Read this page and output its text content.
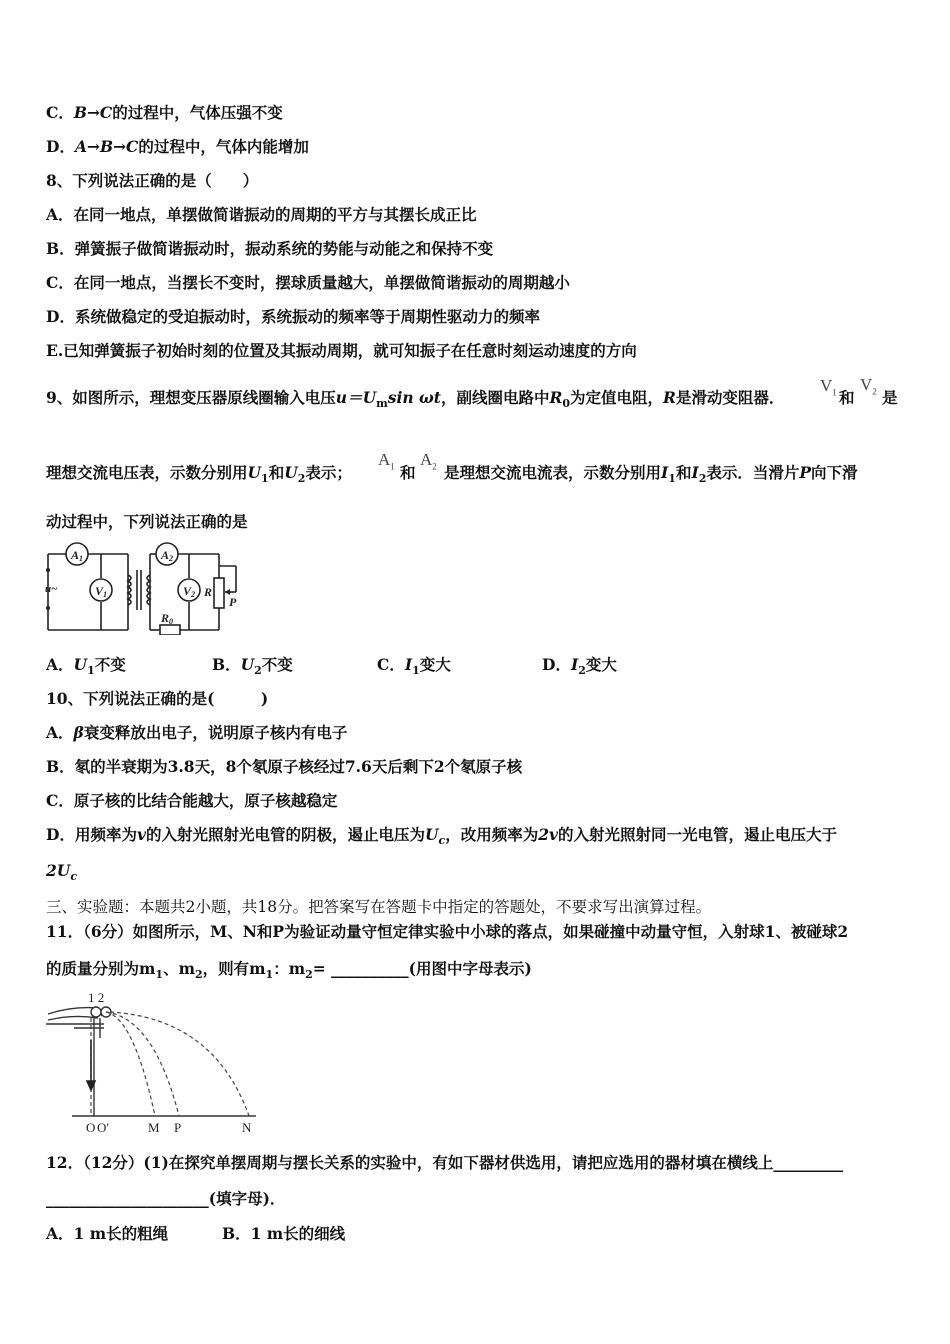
C．B→C的过程中，气体压强不变
D．A→B→C的过程中，气体内能增加
8、下列说法正确的是（　　）
A．在同一地点，单摆做简谐振动的周期的平方与其摆长成正比
B．弹簧振子做简谐振动时，振动系统的势能与动能之和保持不变
C．在同一地点，当摆长不变时，摆球质量越大，单摆做简谐振动的周期越小
D．系统做稳定的受迫振动时，系统振动的频率等于周期性驱动力的频率
E.已知弹簧振子初始时刻的位置及其振动周期，就可知振子在任意时刻运动速度的方向
9、如图所示，理想变压器原线圈输入电压$u=U_m\sin$ ωt，副线圈电路中$R_0$为定值电阻，R是滑动变阻器．
$V_1$ 和
$V_2$ 是
理想交流电压表，示数分别用$U_1$和$U_2$表示；
$A_1$ 和
$A_2$ 是理想交流电流表，示数分别用$I_1$和$I_2$表示．当滑片P向下滑
动过程中，下列说法正确的是
A1
V1
A2
V2
u~	R
P
R0
A．$U_1$不变	B．$U_2$不变	C．$I_1$变大	D．$I_2$变大
10、下列说法正确的是(　　　)
A．β衰变释放出电子，说明原子核内有电子
B．氡的半衰期为3.8天，8个氡原子核经过7.6天后剩下2个氡原子核
C．原子核的比结合能越大，原子核越稳定
D．用频率为v的入射光照射光电管的阴极，遏止电压为$U_c$，改用频率为2v的入射光照射同一光电管，遏止电压大于
$2U_c$
三、实验题：本题共2小题，共18分。把答案写在答题卡中指定的答题处，不要求写出演算过程。
11．（6分）如图所示，M、N和P为验证动量守恒定律实验中小球的落点，如果碰撞中动量守恒，入射球1、被碰球2
的质量分别为$m_1$、$m_2$，则有$m_1$：$m_2=$ __________(用图中字母表示)
1 2
O O′	M P	N
12．（12分）(1)在探究单摆周期与摆长关系的实验中，有如下器材供选用，请把应选用的器材填在横线上_________
_____________________(填字母)．
A．1 m长的粗绳	B．1 m长的细线
